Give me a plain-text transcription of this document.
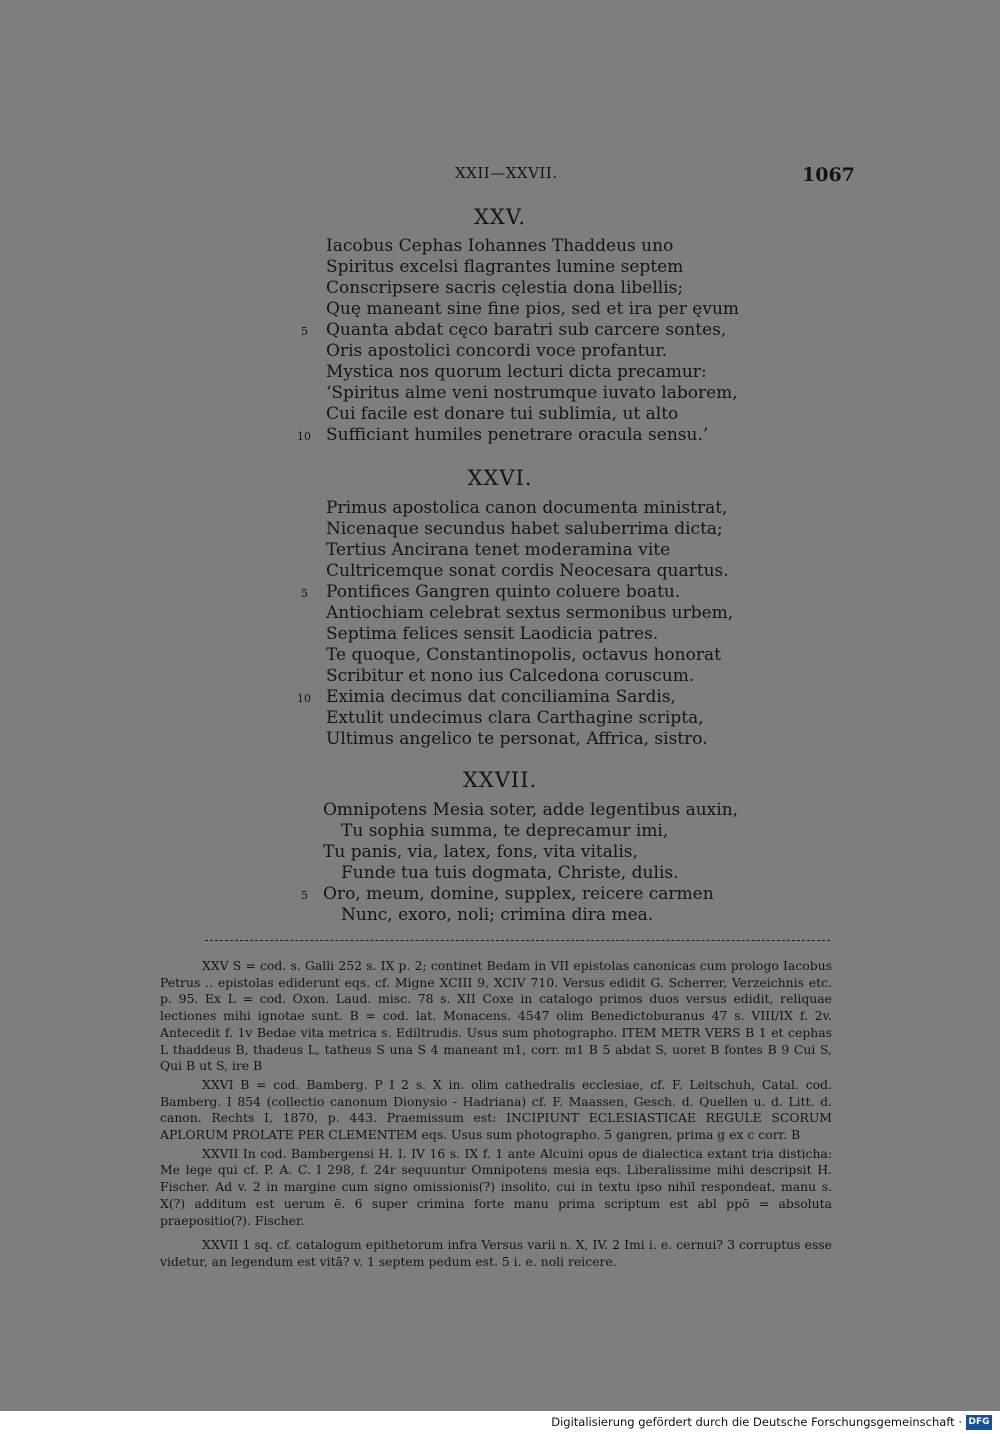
XXII—XXVII.	1067
XXV.
Iacobus Cephas Iohannes Thaddeus uno
Spiritus excelsi flagrantes lumine septem
Conscripsere sacris cęlestia dona libellis;
Quę maneant sine fine pios, sed et ira per ęvum
Quanta abdat cęco baratri sub carcere sontes,
5
Oris apostolici concordi voce profantur.
Mystica nos quorum lecturi dicta precamur:
‘Spiritus alme veni nostrumque iuvato laborem,
Cui facile est donare tui sublimia, ut alto
Sufficiant humiles penetrare oracula sensu.’
10
XXVI.
Primus apostolica canon documenta ministrat,
Nicenaque secundus habet saluberrima dicta;
Tertius Ancirana tenet moderamina vite
Cultricemque sonat cordis Neocesara quartus.
Pontifices Gangren quinto coluere boatu.
5
Antiochiam celebrat sextus sermonibus urbem,
Septima felices sensit Laodicia patres.
Te quoque, Constantinopolis, octavus honorat
Scribitur et nono ius Calcedona coruscum.
Eximia decimus dat conciliamina Sardis,
10
Extulit undecimus clara Carthagine scripta,
Ultimus angelico te personat, Affrica, sistro.
XXVII.
Omnipotens Mesia soter, adde legentibus auxin,
Tu sophia summa, te deprecamur imi,
Tu panis, via, latex, fons, vita vitalis,
Funde tua tuis dogmata, Christe, dulis.
Oro, meum, domine, supplex, reicere carmen
5
Nunc, exoro, noli; crimina dira mea.

XXV S = cod. s. Galli 252 s. IX p. 2; continet Bedam in VII epistolas canonicas cum prologo Iacobus Petrus .. epistolas ediderunt eqs. cf. Migne XCIII 9, XCIV 710. Versus edidit G. Scherrer, Verzeichnis etc. p. 95. Ex L = cod. Oxon. Laud. misc. 78 s. XII Coxe in catalogo primos duos versus edidit, reliquae lectiones mihi ignotae sunt. B = cod. lat. Monacens. 4547 olim Benedictoburanus 47 s. VIII/IX f. 2v. Antecedit f. 1v Bedae vita metrica s. Ediltrudis. Usus sum photographo. ITEM METR VERS B 1 et cephas L thaddeus B, thadeus L, tatheus S una S 4 maneant m1, corr. m1 B 5 abdat S, uoret B fontes B 9 Cui S, Qui B ut S, ire B

XXVI B = cod. Bamberg. P I 2 s. X in. olim cathedralis ecclesiae, cf. F. Leitschuh, Catal. cod. Bamberg. I 854 (collectio canonum Dionysio - Hadriana) cf. F. Maassen, Gesch. d. Quellen u. d. Litt. d. canon. Rechts I, 1870, p. 443. Praemissum est: INCIPIUNT ECLESIASTICAE REGULE SCORUM APLORUM PROLATE PER CLEMENTEM eqs. Usus sum photographo. 5 gangren, prima g ex c corr. B

XXVII In cod. Bambergensi H. I. IV 16 s. IX f. 1 ante Alcuini opus de dialectica extant tria disticha: Me lege qui cf. P. A. C. I 298, f. 24r sequuntur Omnipotens mesia eqs. Liberalissime mihi descripsit H. Fischer. Ad v. 2 in margine cum signo omissionis(?) insolito, cui in textu ipso nihil respondeat, manu s. X(?) additum est uerum ē. 6 super crimina forte manu prima scriptum est abl ppō = absoluta praepositio(?). Fischer.

XXVII 1 sq. cf. catalogum epithetorum infra Versus varii n. X, IV. 2 Imi i. e. cernui? 3 corruptus esse videtur, an legendum est vitā? v. 1 septem pedum est. 5 i. e. noli reicere.

Digitalisierung gefördert durch die Deutsche Forschungsgemeinschaft · DFG
